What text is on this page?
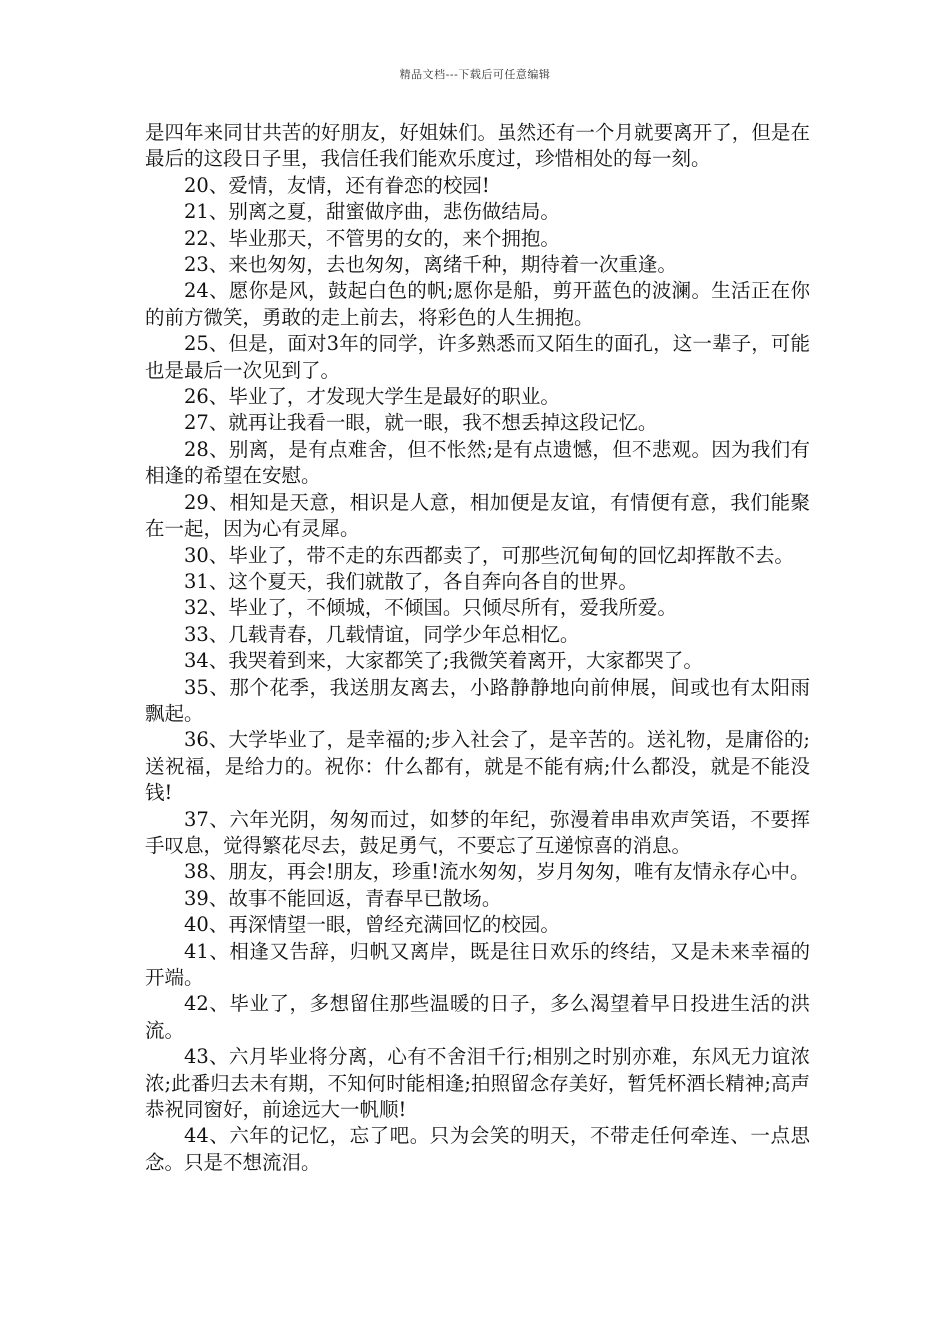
精品文档---下载后可任意编辑

是四年来同甘共苦的好朋友，好姐妹们。虽然还有一个月就要离开了，但是在最后的这段日子里，我信任我们能欢乐度过，珍惜相处的每一刻。

20、爱情，友情，还有眷恋的校园!

21、别离之夏，甜蜜做序曲，悲伤做结局。

22、毕业那天，不管男的女的，来个拥抱。

23、来也匆匆，去也匆匆，离绪千种，期待着一次重逢。

24、愿你是风，鼓起白色的帆;愿你是船，剪开蓝色的波澜。生活正在你的前方微笑，勇敢的走上前去，将彩色的人生拥抱。

25、但是，面对3年的同学，许多熟悉而又陌生的面孔，这一辈子，可能也是最后一次见到了。

26、毕业了，才发现大学生是最好的职业。

27、就再让我看一眼，就一眼，我不想丢掉这段记忆。

28、别离，是有点难舍，但不怅然;是有点遗憾，但不悲观。因为我们有相逢的希望在安慰。

29、相知是天意，相识是人意，相加便是友谊，有情便有意，我们能聚在一起，因为心有灵犀。

30、毕业了，带不走的东西都卖了，可那些沉甸甸的回忆却挥散不去。

31、这个夏天，我们就散了，各自奔向各自的世界。

32、毕业了，不倾城，不倾国。只倾尽所有，爱我所爱。

33、几载青春，几载情谊，同学少年总相忆。

34、我哭着到来，大家都笑了;我微笑着离开，大家都哭了。

35、那个花季，我送朋友离去，小路静静地向前伸展，间或也有太阳雨飘起。

36、大学毕业了，是幸福的;步入社会了，是辛苦的。送礼物，是庸俗的;送祝福，是给力的。祝你：什么都有，就是不能有病;什么都没，就是不能没钱!

37、六年光阴，匆匆而过，如梦的年纪，弥漫着串串欢声笑语，不要挥手叹息，觉得繁花尽去，鼓足勇气，不要忘了互递惊喜的消息。

38、朋友，再会!朋友，珍重!流水匆匆，岁月匆匆，唯有友情永存心中。

39、故事不能回返，青春早已散场。

40、再深情望一眼，曾经充满回忆的校园。

41、相逢又告辞，归帆又离岸，既是往日欢乐的终结，又是未来幸福的开端。

42、毕业了，多想留住那些温暖的日子，多么渴望着早日投进生活的洪流。

43、六月毕业将分离，心有不舍泪千行;相别之时别亦难，东风无力谊浓浓;此番归去未有期，不知何时能相逢;拍照留念存美好，暂凭杯酒长精神;高声恭祝同窗好，前途远大一帆顺!

44、六年的记忆，忘了吧。只为会笑的明天，不带走任何牵连、一点思念。只是不想流泪。
